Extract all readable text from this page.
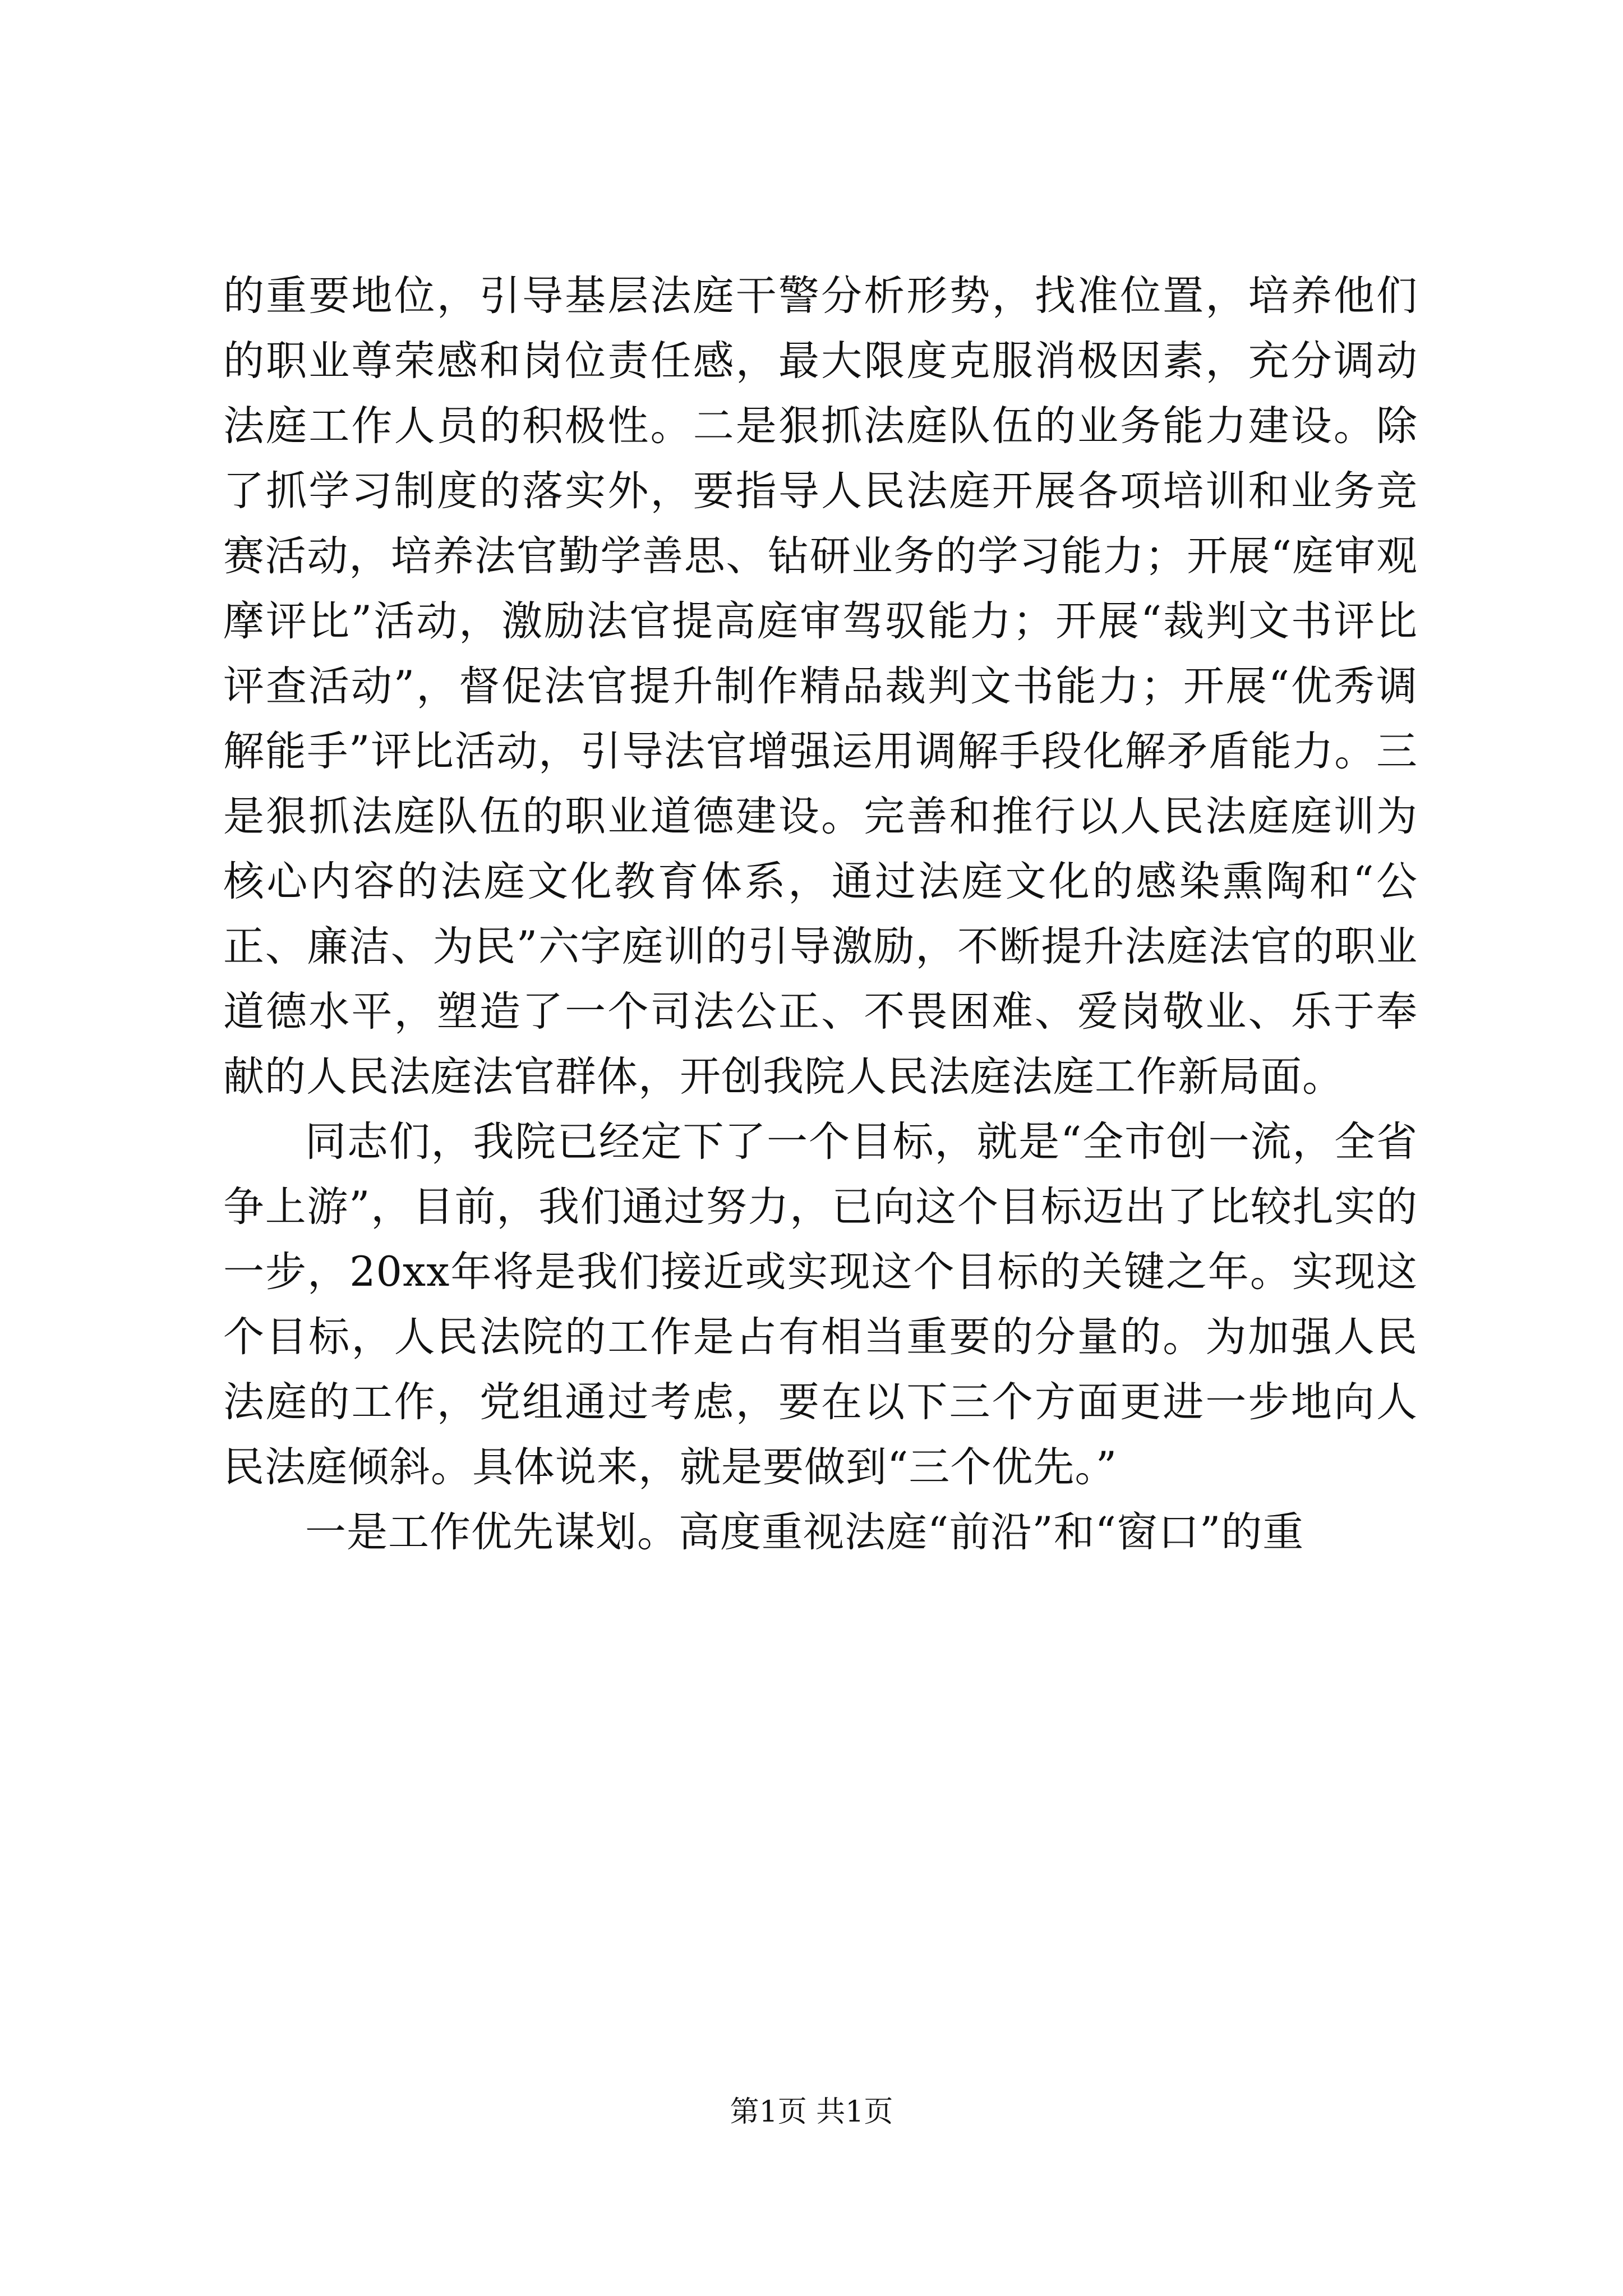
的重要地位，引导基层法庭干警分析形势，找准位置，培养他们的职业尊荣感和岗位责任感，最大限度克服消极因素，充分调动法庭工作人员的积极性。二是狠抓法庭队伍的业务能力建设。除了抓学习制度的落实外，要指导人民法庭开展各项培训和业务竞赛活动，培养法官勤学善思、钻研业务的学习能力；开展“庭审观摩评比”活动，激励法官提高庭审驾驭能力；开展“裁判文书评比评查活动”，督促法官提升制作精品裁判文书能力；开展“优秀调解能手”评比活动，引导法官增强运用调解手段化解矛盾能力。三是狠抓法庭队伍的职业道德建设。完善和推行以人民法庭庭训为核心内容的法庭文化教育体系，通过法庭文化的感染熏陶和“公正、廉洁、为民”六字庭训的引导激励，不断提升法庭法官的职业道德水平，塑造了一个司法公正、不畏困难、爱岗敬业、乐于奉献的人民法庭法官群体，开创我院人民法庭法庭工作新局面。

同志们，我院已经定下了一个目标，就是“全市创一流，全省争上游”，目前，我们通过努力，已向这个目标迈出了比较扎实的一步，20xx年将是我们接近或实现这个目标的关键之年。实现这个目标，人民法院的工作是占有相当重要的分量的。为加强人民法庭的工作，党组通过考虑，要在以下三个方面更进一步地向人民法庭倾斜。具体说来，就是要做到“三个优先。”

一是工作优先谋划。高度重视法庭“前沿”和“窗口”的重

第1页 共1页
